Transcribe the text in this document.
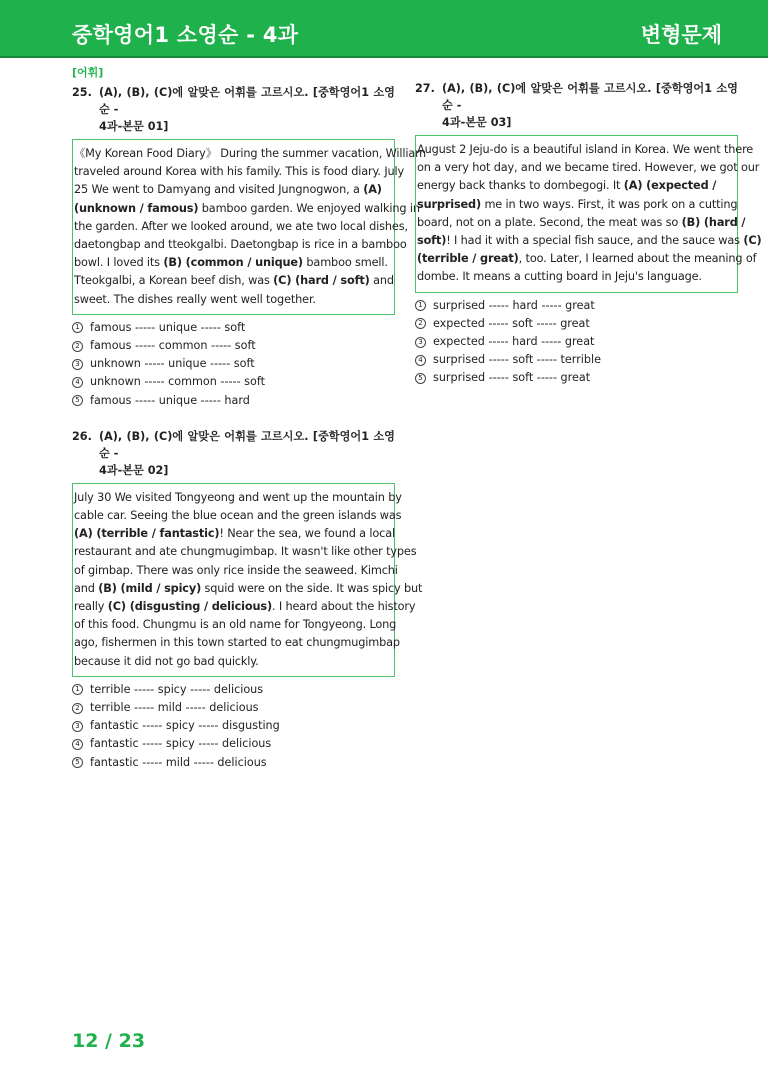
중학영어1 소영순 - 4과	변형문제
[어휘]
25. (A), (B), (C)에 알맞은 어휘를 고르시오. [중학영어1 소영순 -
4과-본문 01]
《My Korean Food Diary》 During the summer vacation, William
traveled around Korea with his family. This is food diary. July
25 We went to Damyang and visited Jungnogwon, a (A)
(unknown / famous) bamboo garden. We enjoyed walking in
the garden. After we looked around, we ate two local dishes,
daetongbap and tteokgalbi. Daetongbap is rice in a bamboo
bowl. I loved its (B) (common / unique) bamboo smell.
Tteokgalbi, a Korean beef dish, was (C) (hard / soft) and
sweet. The dishes really went well together.
1 famous ----- unique ----- soft
2 famous ----- common ----- soft
3 unknown ----- unique ----- soft
4 unknown ----- common ----- soft
5 famous ----- unique ----- hard
26. (A), (B), (C)에 알맞은 어휘를 고르시오. [중학영어1 소영순 -
4과-본문 02]
July 30 We visited Tongyeong and went up the mountain by
cable car. Seeing the blue ocean and the green islands was
(A) (terrible / fantastic)! Near the sea, we found a local
restaurant and ate chungmugimbap. It wasn't like other types
of gimbap. There was only rice inside the seaweed. Kimchi
and (B) (mild / spicy) squid were on the side. It was spicy but
really (C) (disgusting / delicious). I heard about the history
of this food. Chungmu is an old name for Tongyeong. Long
ago, fishermen in this town started to eat chungmugimbap
because it did not go bad quickly.
1 terrible ----- spicy ----- delicious
2 terrible ----- mild ----- delicious
3 fantastic ----- spicy ----- disgusting
4 fantastic ----- spicy ----- delicious
5 fantastic ----- mild ----- delicious
27. (A), (B), (C)에 알맞은 어휘를 고르시오. [중학영어1 소영순 -
4과-본문 03]
August 2 Jeju-do is a beautiful island in Korea. We went there
on a very hot day, and we became tired. However, we got our
energy back thanks to dombegogi. It (A) (expected /
surprised) me in two ways. First, it was pork on a cutting
board, not on a plate. Second, the meat was so (B) (hard /
soft)! I had it with a special fish sauce, and the sauce was (C)
(terrible / great), too. Later, I learned about the meaning of
dombe. It means a cutting board in Jeju's language.
1 surprised ----- hard ----- great
2 expected ----- soft ----- great
3 expected ----- hard ----- great
4 surprised ----- soft ----- terrible
5 surprised ----- soft ----- great
12 / 23
